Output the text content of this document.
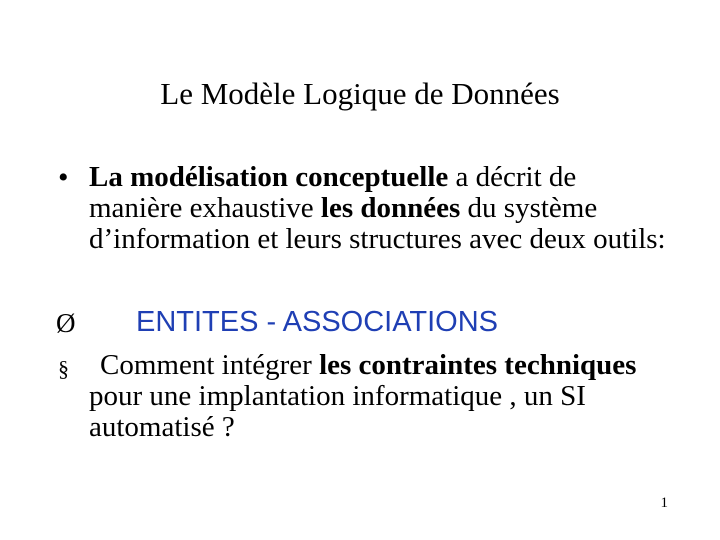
Le Modèle Logique de Données
• La modélisation conceptuelle a décrit de manière exhaustive les données du système d’information et leurs structures avec deux outils:
Ø	ENTITES - ASSOCIATIONS
§	Comment intégrer les contraintes techniques pour une implantation informatique , un SI automatisé ?
1
